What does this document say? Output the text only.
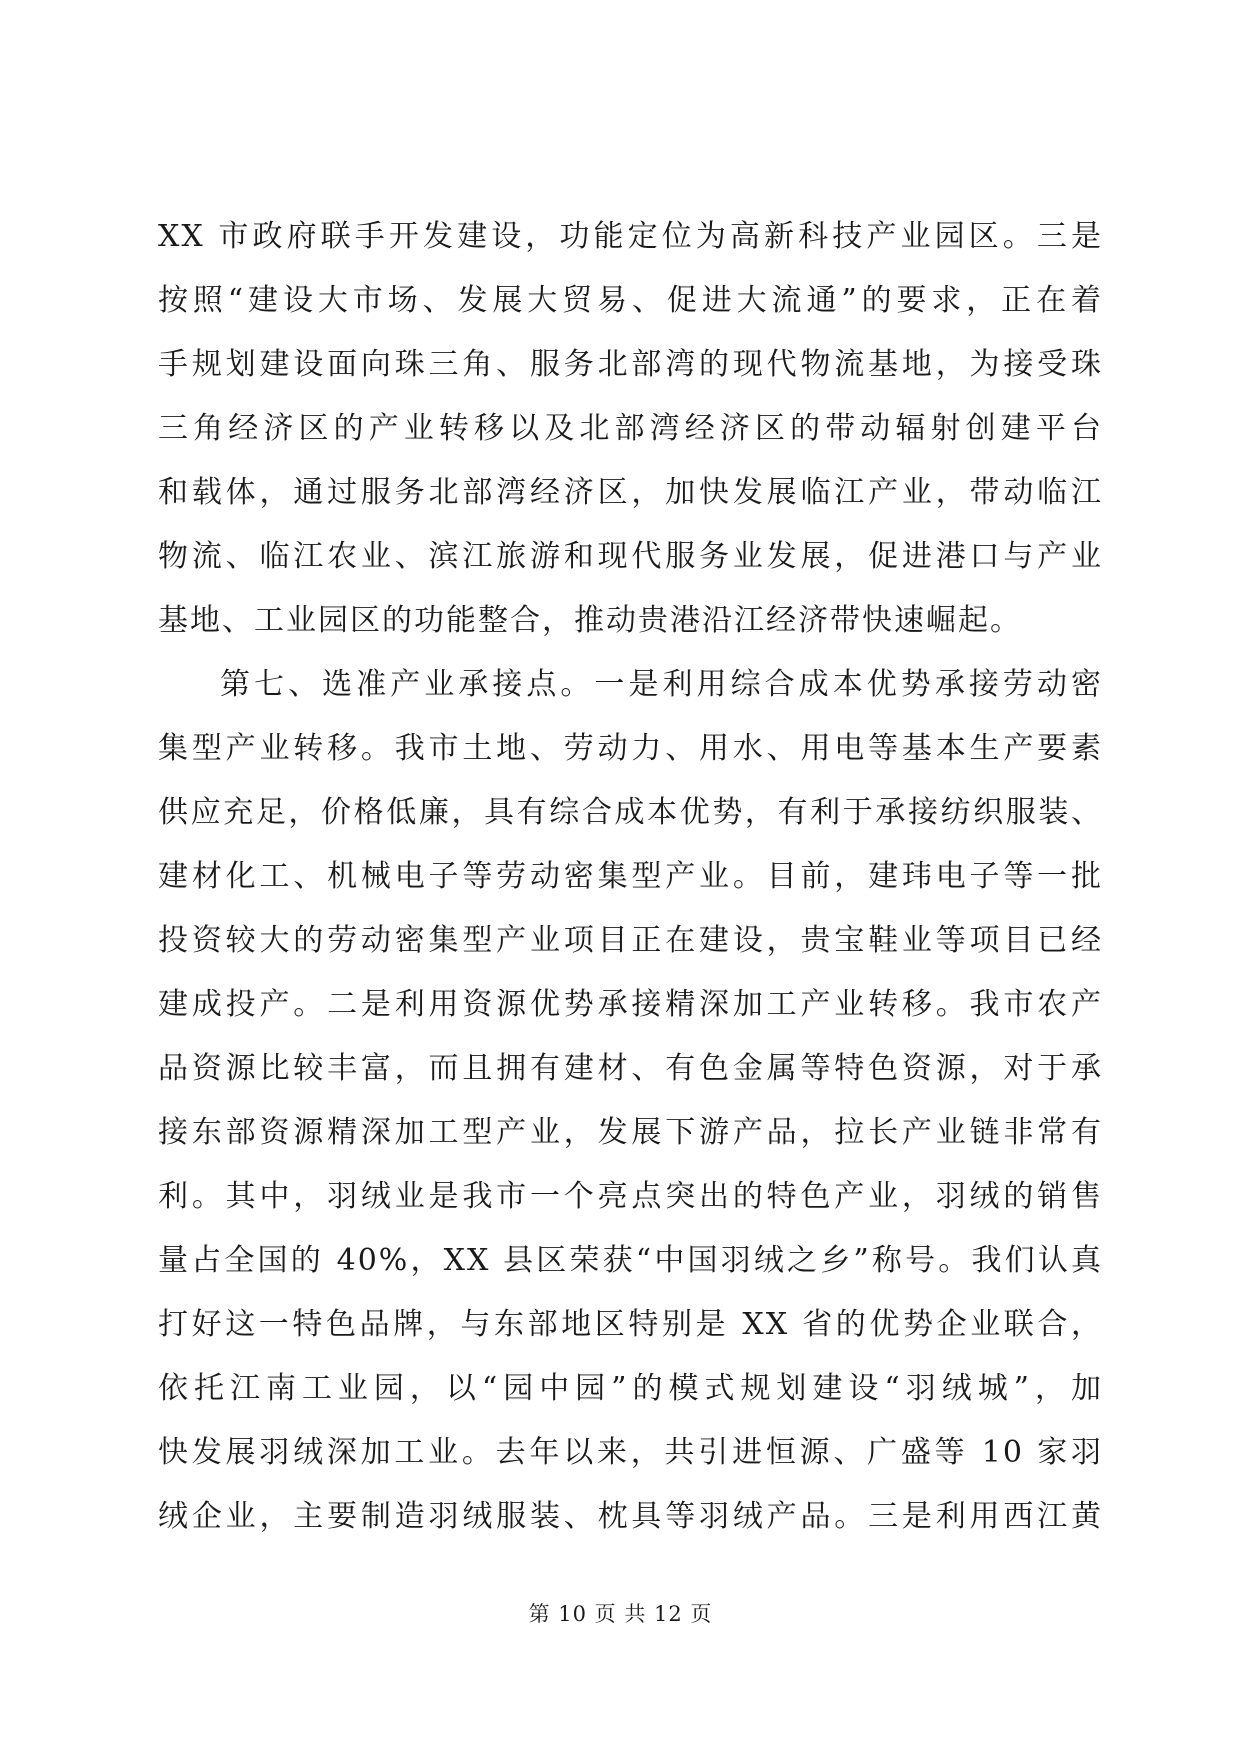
XX 市政府联手开发建设，功能定位为高新科技产业园区。三是
按照“建设大市场、发展大贸易、促进大流通”的要求，正在着
手规划建设面向珠三角、服务北部湾的现代物流基地，为接受珠
三角经济区的产业转移以及北部湾经济区的带动辐射创建平台
和载体，通过服务北部湾经济区，加快发展临江产业，带动临江
物流、临江农业、滨江旅游和现代服务业发展，促进港口与产业
基地、工业园区的功能整合，推动贵港沿江经济带快速崛起。
第七、选准产业承接点。一是利用综合成本优势承接劳动密
集型产业转移。我市土地、劳动力、用水、用电等基本生产要素
供应充足，价格低廉，具有综合成本优势，有利于承接纺织服装、
建材化工、机械电子等劳动密集型产业。目前，建玮电子等一批
投资较大的劳动密集型产业项目正在建设，贵宝鞋业等项目已经
建成投产。二是利用资源优势承接精深加工产业转移。我市农产
品资源比较丰富，而且拥有建材、有色金属等特色资源，对于承
接东部资源精深加工型产业，发展下游产品，拉长产业链非常有
利。其中，羽绒业是我市一个亮点突出的特色产业，羽绒的销售
量占全国的 40%，XX 县区荣获“中国羽绒之乡”称号。我们认真
打好这一特色品牌，与东部地区特别是 XX 省的优势企业联合，
依托江南工业园，以“园中园”的模式规划建设“羽绒城”，加
快发展羽绒深加工业。去年以来，共引进恒源、广盛等 10 家羽
绒企业，主要制造羽绒服装、枕具等羽绒产品。三是利用西江黄
第 10 页 共 12 页
